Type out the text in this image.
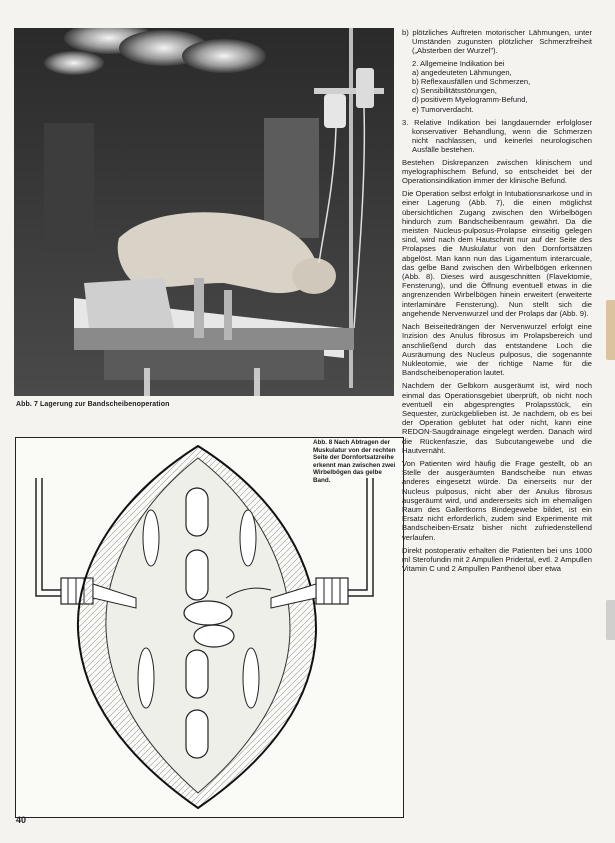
Abb. 7 Lagerung zur Bandscheibenoperation
Abb. 8 Nach Abtragen der Muskulatur von der rechten Seite der Dornfortsatzreihe erkennt man zwischen zwei Wirbelbögen das gelbe Band.
40

b) plötzliches Auftreten motorischer Lähmungen, unter Umständen zugunsten plötzlicher Schmerzfreiheit („Absterben der Wurzel").

2. Allgemeine Indikation bei

a) angedeuteten Lähmungen,

b) Reflexausfällen und Schmerzen,

c) Sensibilitätsstörungen,

d) positivem Myelogramm-Befund,

e) Tumorverdacht.

3. Relative Indikation bei langdauernder erfolgloser konservativer Behandlung, wenn die Schmerzen nicht nachlassen, und keinerlei neurologischen Ausfälle bestehen.

Bestehen Diskrepanzen zwischen klinischem und myelographischem Befund, so entscheidet bei der Operationsindikation immer der klinische Befund.

Die Operation selbst erfolgt in Intubationsnarkose und in einer Lagerung (Abb. 7), die einen möglichst übersichtlichen Zugang zwischen den Wirbelbögen hindurch zum Bandscheibenraum gewährt. Da die meisten Nucleus-pulposus-Prolapse einseitig gelegen sind, wird nach dem Hautschnitt nur auf der Seite des Prolapses die Muskulatur von den Dornfortsätzen abgelöst. Man kann nun das Ligamentum interarcuale, das gelbe Band zwischen den Wirbelbögen erkennen (Abb. 8). Dieses wird ausgeschnitten (Flavektomie, Fensterung), und die Öffnung eventuell etwas in die angrenzenden Wirbelbögen hinein erweitert (erweiterte interlaminäre Fensterung). Nun stellt sich die angehende Nervenwurzel und der Prolaps dar (Abb. 9).

Nach Beiseitedrängen der Nervenwurzel erfolgt eine Inzision des Anulus fibrosus im Prolapsbereich und anschließend durch das entstandene Loch die Ausräumung des Nucleus pulposus, die sogenannte Nukleotomie, wie der richtige Name für die Bandscheibenoperation lautet.

Nachdem der Gelbkorn ausgeräumt ist, wird noch einmal das Operationsgebiet überprüft, ob nicht noch eventuell ein abgesprengtes Prolapsstück, ein Sequester, zurückgeblieben ist. Je nachdem, ob es bei der Operation geblutet hat oder nicht, kann eine REDON-Saugdrainage eingelegt werden. Danach wird die Rückenfaszie, das Subcutangewebe und die Hautvernäht.

Von Patienten wird häufig die Frage gestellt, ob an Stelle der ausgeräumten Bandscheibe nun etwas anderes eingesetzt würde. Da einerseits nur der Nucleus pulposus, nicht aber der Anulus fibrosus ausgeräumt wird, und andererseits sich im ehemaligen Raum des Gallertkorns Bindegewebe bildet, ist ein Ersatz nicht erforderlich, zudem sind Experimente mit Bandscheiben-Ersatz bisher nicht zufriedenstellend verlaufen.

Direkt postoperativ erhalten die Patienten bei uns 1000 ml Sterofundin mit 2 Ampullen Pridertal, evtl. 2 Ampullen Vitamin C und 2 Ampullen Panthenol über etwa
